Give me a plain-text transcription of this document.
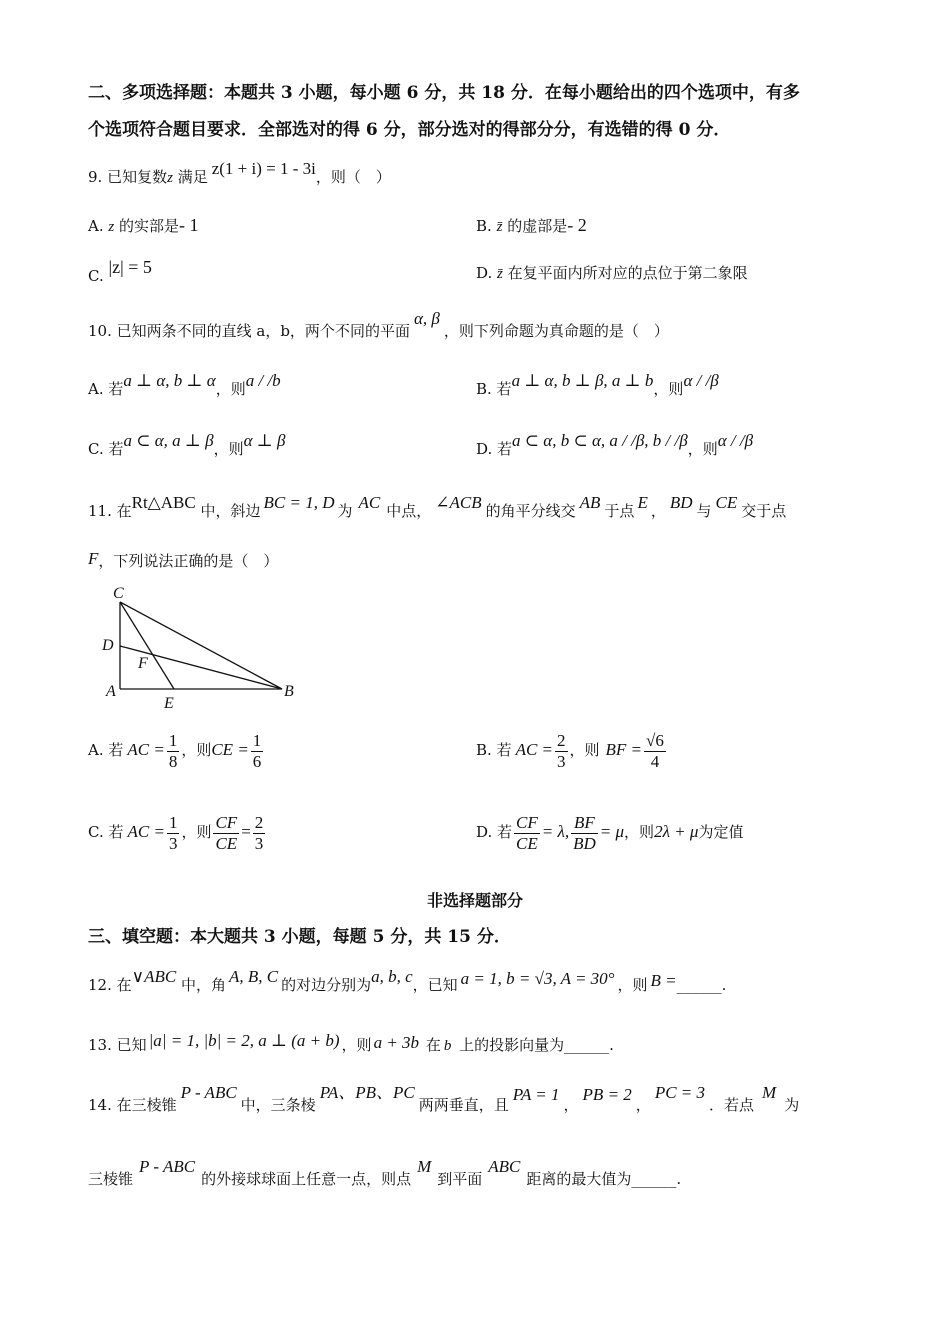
二、多项选择题：本题共 3 小题，每小题 6 分，共 18 分．在每小题给出的四个选项中，有多
个选项符合题目要求．全部选对的得 6 分，部分选对的得部分分，有选错的得 0 分．
9. 已知复数z 满足 z(1 + i) = 1 - 3i，则（　）
A. z 的实部是- 1	B. z̄ 的虚部是- 2
C. |z| = 5	D. z̄ 在复平面内所对应的点位于第二象限
10. 已知两条不同的直线 a，b，两个不同的平面α, β，则下列命题为真命题的是（　）
A. 若a ⊥ α, b ⊥ α，则a / /b	B. 若a ⊥ α, b ⊥ β, a ⊥ b，则α / /β
C. 若a ⊂ α, a ⊥ β，则α ⊥ β	D. 若a ⊂ α, b ⊂ α, a / /β, b / /β，则α / /β
11. 在Rt△ABC 中，斜边 BC = 1, D 为 AC 中点， ∠ACB 的角平分线交 AB 于点 E ， BD 与 CE 交于点
F，下列说法正确的是（　）
C
D
F
A
E
B
A. 若 AC = $\frac{1}{8}$ ，则CE = $\frac{1}{6}$	B. 若 AC = $\frac{2}{3}$ ，则 BF = $\frac{√6}{4}$
C. 若 AC = $\frac{1}{3}$ ，则 $\frac{CF}{CE} = \frac{2}{3}$	D. 若 $\frac{CF}{CE} = \lambda$, $\frac{BF}{BD} = \mu$，则2λ + μ为定值
非选择题部分
三、填空题：本大题共 3 小题，每题 5 分，共 15 分．
12. 在∨ABC 中，角 A, B, C 的对边分别为a, b, c，已知 a = 1, b = √3, A = 30° ，则 B =______.
13. 已知 |a| = 1, |b| = 2, a ⊥ (a + b) ，则 a + 3b 在 b 上的投影向量为______.
14. 在三棱锥P - ABC中，三条棱PA、PB、PC两两垂直，且PA = 1，PB = 2，PC = 3．若点M为
三棱锥P - ABC的外接球球面上任意一点，则点M到平面ABC距离的最大值为______.
